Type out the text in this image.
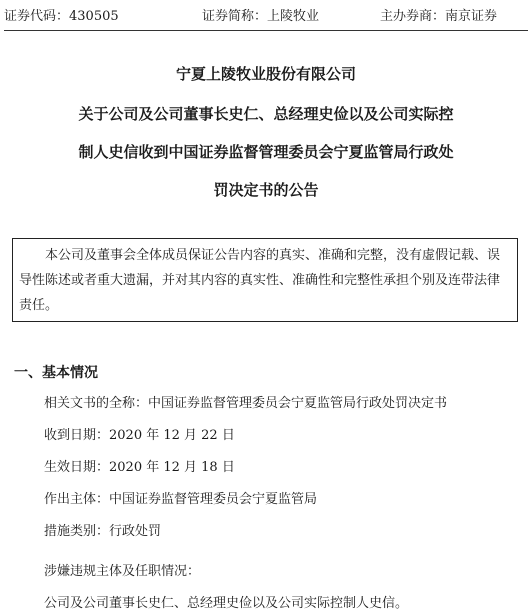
证券代码：430505	证券简称：上陵牧业	主办券商：南京证券
宁夏上陵牧业股份有限公司
关于公司及公司董事长史仁、总经理史俭以及公司实际控
制人史信收到中国证券监督管理委员会宁夏监管局行政处
罚决定书的公告

本公司及董事会全体成员保证公告内容的真实、准确和完整，没有虚假记载、误导性陈述或者重大遗漏，并对其内容的真实性、准确性和完整性承担个别及连带法律责任。

一、基本情况
相关文书的全称：中国证券监督管理委员会宁夏监管局行政处罚决定书
收到日期：2020 年 12 月 22 日
生效日期：2020 年 12 月 18 日
作出主体：中国证券监督管理委员会宁夏监管局
措施类别：行政处罚
涉嫌违规主体及任职情况：
公司及公司董事长史仁、总经理史俭以及公司实际控制人史信。
